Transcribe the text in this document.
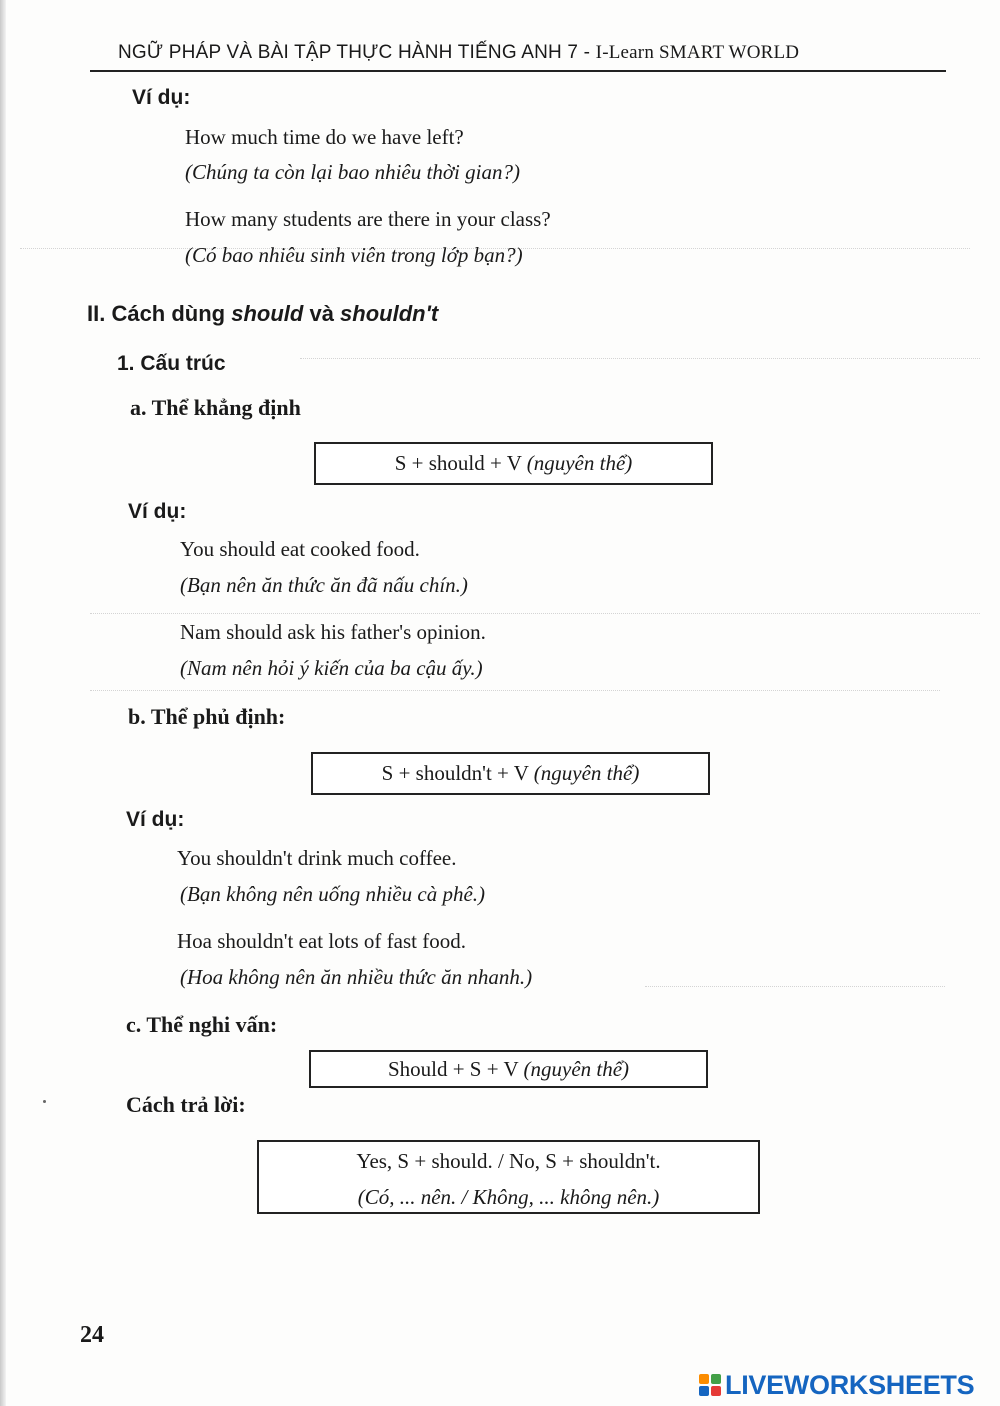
NGỮ PHÁP VÀ BÀI TẬP THỰC HÀNH TIẾNG ANH 7 - I-Learn SMART WORLD
Ví dụ:
How much time do we have left?
(Chúng ta còn lại bao nhiêu thời gian?)
How many students are there in your class?
(Có bao nhiêu sinh viên trong lớp bạn?)
II. Cách dùng should và shouldn't
1. Cấu trúc
a. Thể khẳng định
S + should + V (nguyên thể)
Ví dụ:
You should eat cooked food.
(Bạn nên ăn thức ăn đã nấu chín.)
Nam should ask his father's opinion.
(Nam nên hỏi ý kiến của ba cậu ấy.)
b. Thể phủ định:
S + shouldn't + V (nguyên thể)
Ví dụ:
You shouldn't drink much coffee.
(Bạn không nên uống nhiều cà phê.)
Hoa shouldn't eat lots of fast food.
(Hoa không nên ăn nhiều thức ăn nhanh.)
c. Thể nghi vấn:
Should + S + V (nguyên thể)
Cách trả lời:
Yes, S + should. / No, S + shouldn't.
(Có, ... nên. / Không, ... không nên.)
24
LIVEWORKSHEETS
